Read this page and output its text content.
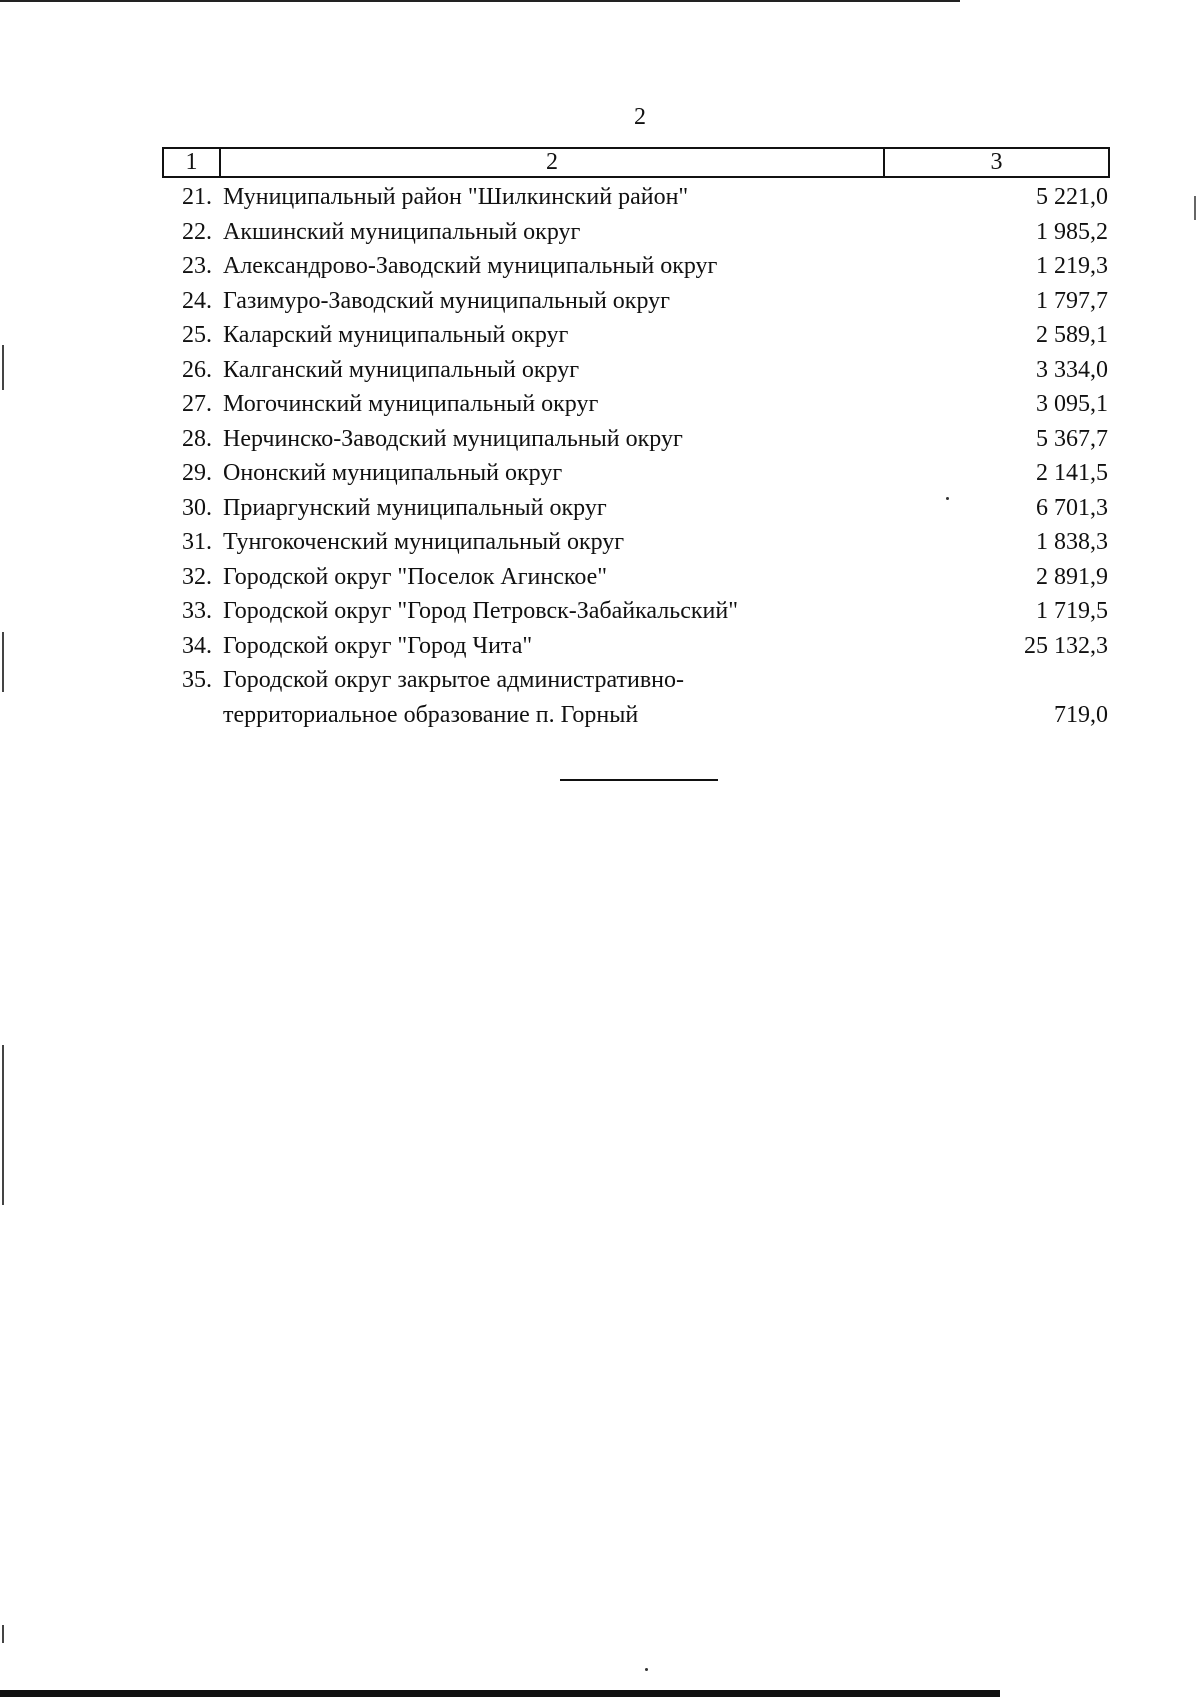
2
1	2	3
21. Муниципальный район "Шилкинский район"	5 221,0
22. Акшинский муниципальный округ	1 985,2
23. Александрово-Заводский муниципальный округ	1 219,3
24. Газимуро-Заводский муниципальный округ	1 797,7
25. Каларский муниципальный округ	2 589,1
26. Калганский муниципальный округ	3 334,0
27. Могочинский муниципальный округ	3 095,1
28. Нерчинско-Заводский муниципальный округ	5 367,7
29. Ононский муниципальный округ	2 141,5
30. Приаргунский муниципальный округ	6 701,3
31. Тунгокоченский муниципальный округ	1 838,3
32. Городской округ "Поселок Агинское"	2 891,9
33. Городской округ "Город Петровск-Забайкальский"	1 719,5
34. Городской округ "Город Чита"	25 132,3
35. Городской округ закрытое административно-
территориальное образование п. Горный	719,0
